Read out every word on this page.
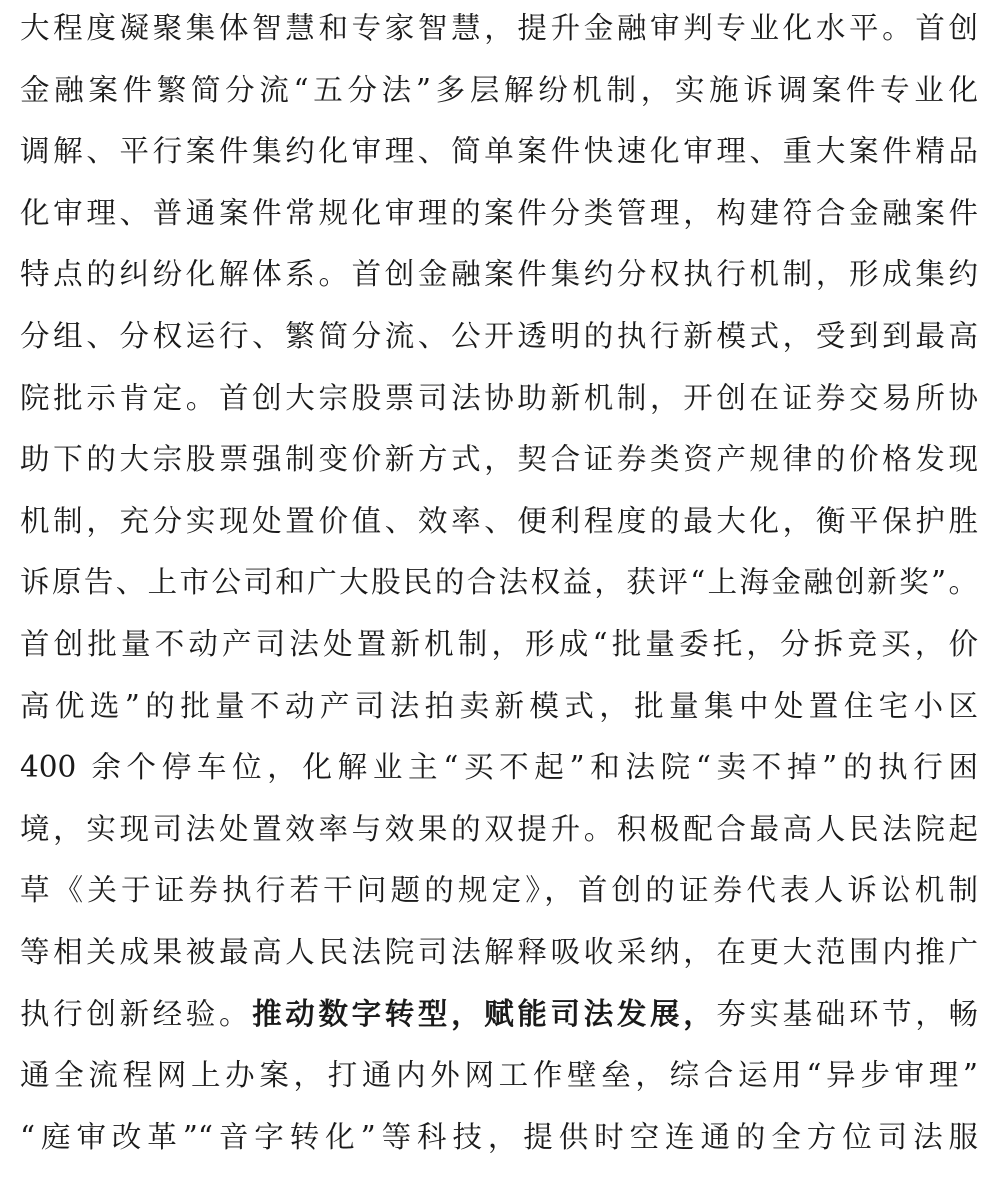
大程度凝聚集体智慧和专家智慧，提升金融审判专业化水平。首创
金融案件繁简分流“五分法”多层解纷机制，实施诉调案件专业化
调解、平行案件集约化审理、简单案件快速化审理、重大案件精品
化审理、普通案件常规化审理的案件分类管理，构建符合金融案件
特点的纠纷化解体系。首创金融案件集约分权执行机制，形成集约
分组、分权运行、繁简分流、公开透明的执行新模式，受到到最高
院批示肯定。首创大宗股票司法协助新机制，开创在证券交易所协
助下的大宗股票强制变价新方式，契合证券类资产规律的价格发现
机制，充分实现处置价值、效率、便利程度的最大化，衡平保护胜
诉原告、上市公司和广大股民的合法权益，获评“上海金融创新奖”。
首创批量不动产司法处置新机制，形成“批量委托，分拆竞买，价
高优选”的批量不动产司法拍卖新模式，批量集中处置住宅小区
400 余个停车位，化解业主“买不起”和法院“卖不掉”的执行困
境，实现司法处置效率与效果的双提升。积极配合最高人民法院起
草《关于证券执行若干问题的规定》，首创的证券代表人诉讼机制
等相关成果被最高人民法院司法解释吸收采纳，在更大范围内推广
执行创新经验。推动数字转型，赋能司法发展，夯实基础环节，畅
通全流程网上办案，打通内外网工作壁垒，综合运用“异步审理”
“庭审改革”“音字转化”等科技，提供时空连通的全方位司法服
